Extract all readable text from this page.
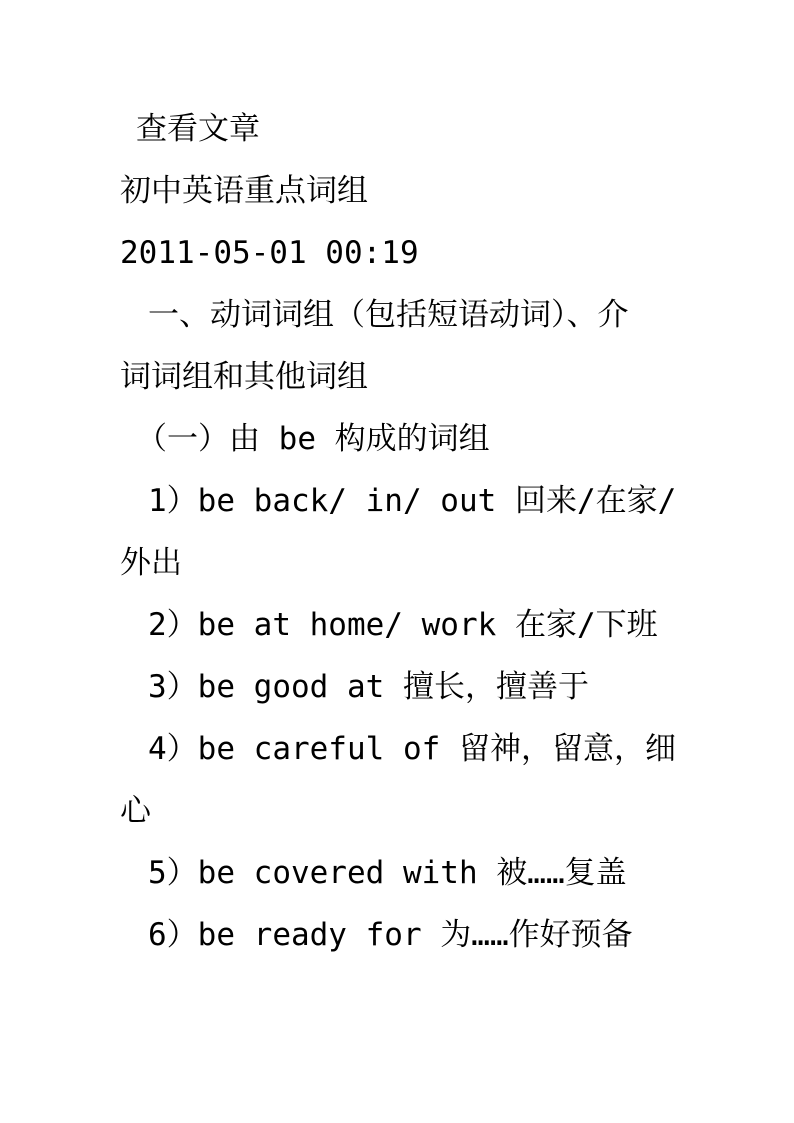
查看文章
初中英语重点词组
2011-05-01 00:19
一、动词词组（包括短语动词）、介
词词组和其他词组
（一）由 be 构成的词组
1）be back/ in/ out 回来/在家/
外出
2）be at home/ work 在家/下班
3）be good at 擅长，擅善于
4）be careful of 留神，留意，细
心
5）be covered with 被……复盖
6）be ready for 为……作好预备
